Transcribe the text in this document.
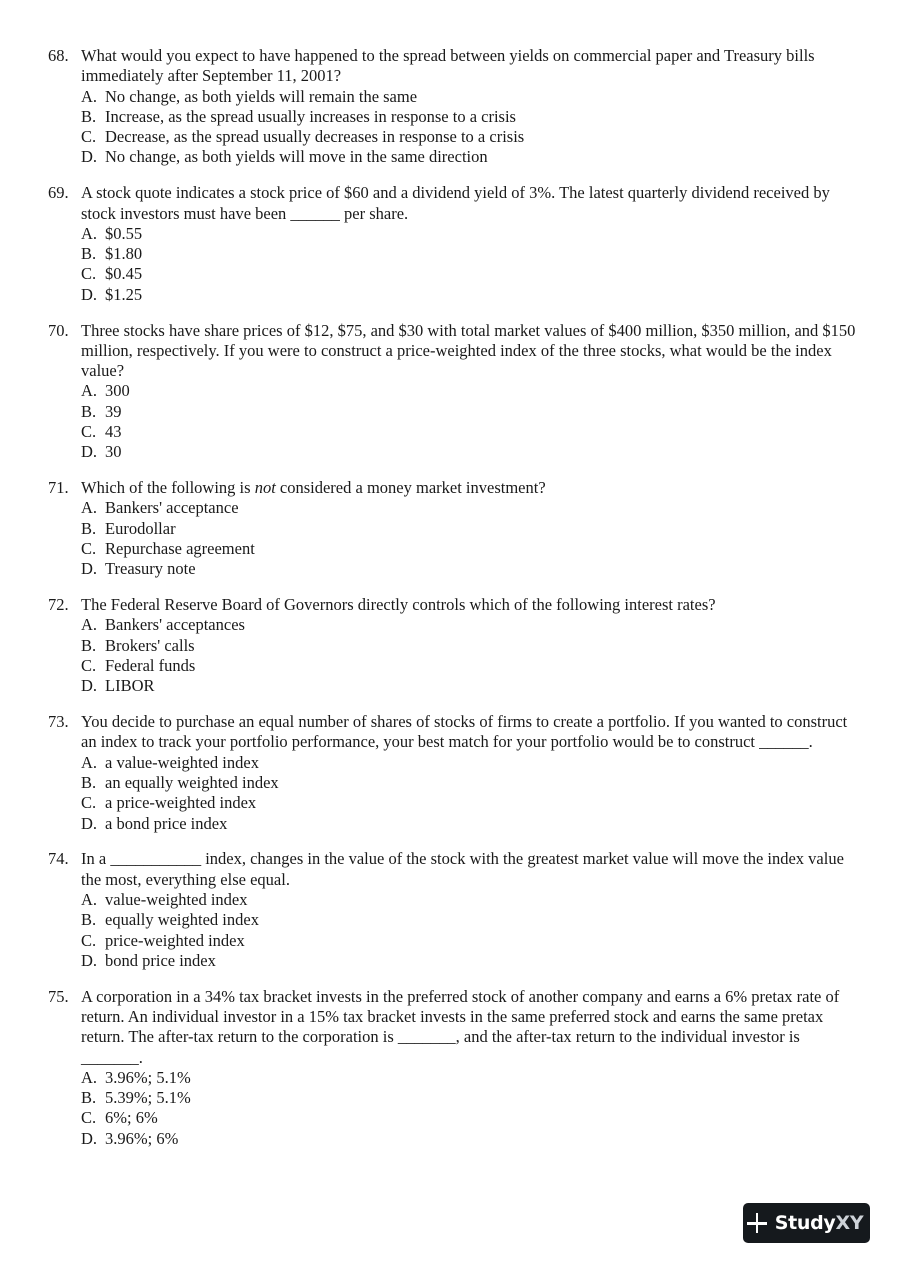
68. What would you expect to have happened to the spread between yields on commercial paper and Treasury bills immediately after September 11, 2001?
A. No change, as both yields will remain the same
B. Increase, as the spread usually increases in response to a crisis
C. Decrease, as the spread usually decreases in response to a crisis
D. No change, as both yields will move in the same direction
69. A stock quote indicates a stock price of $60 and a dividend yield of 3%. The latest quarterly dividend received by stock investors must have been ______ per share.
A. $0.55
B. $1.80
C. $0.45
D. $1.25
70. Three stocks have share prices of $12, $75, and $30 with total market values of $400 million, $350 million, and $150 million, respectively. If you were to construct a price-weighted index of the three stocks, what would be the index value?
A. 300
B. 39
C. 43
D. 30
71. Which of the following is not considered a money market investment?
A. Bankers' acceptance
B. Eurodollar
C. Repurchase agreement
D. Treasury note
72. The Federal Reserve Board of Governors directly controls which of the following interest rates?
A. Bankers' acceptances
B. Brokers' calls
C. Federal funds
D. LIBOR
73. You decide to purchase an equal number of shares of stocks of firms to create a portfolio. If you wanted to construct an index to track your portfolio performance, your best match for your portfolio would be to construct ______.
A. a value-weighted index
B. an equally weighted index
C. a price-weighted index
D. a bond price index
74. In a ___________ index, changes in the value of the stock with the greatest market value will move the index value the most, everything else equal.
A. value-weighted index
B. equally weighted index
C. price-weighted index
D. bond price index
75. A corporation in a 34% tax bracket invests in the preferred stock of another company and earns a 6% pretax rate of return. An individual investor in a 15% tax bracket invests in the same preferred stock and earns the same pretax return. The after-tax return to the corporation is _______, and the after-tax return to the individual investor is _______.
A. 3.96%; 5.1%
B. 5.39%; 5.1%
C. 6%; 6%
D. 3.96%; 6%
StudyXY
